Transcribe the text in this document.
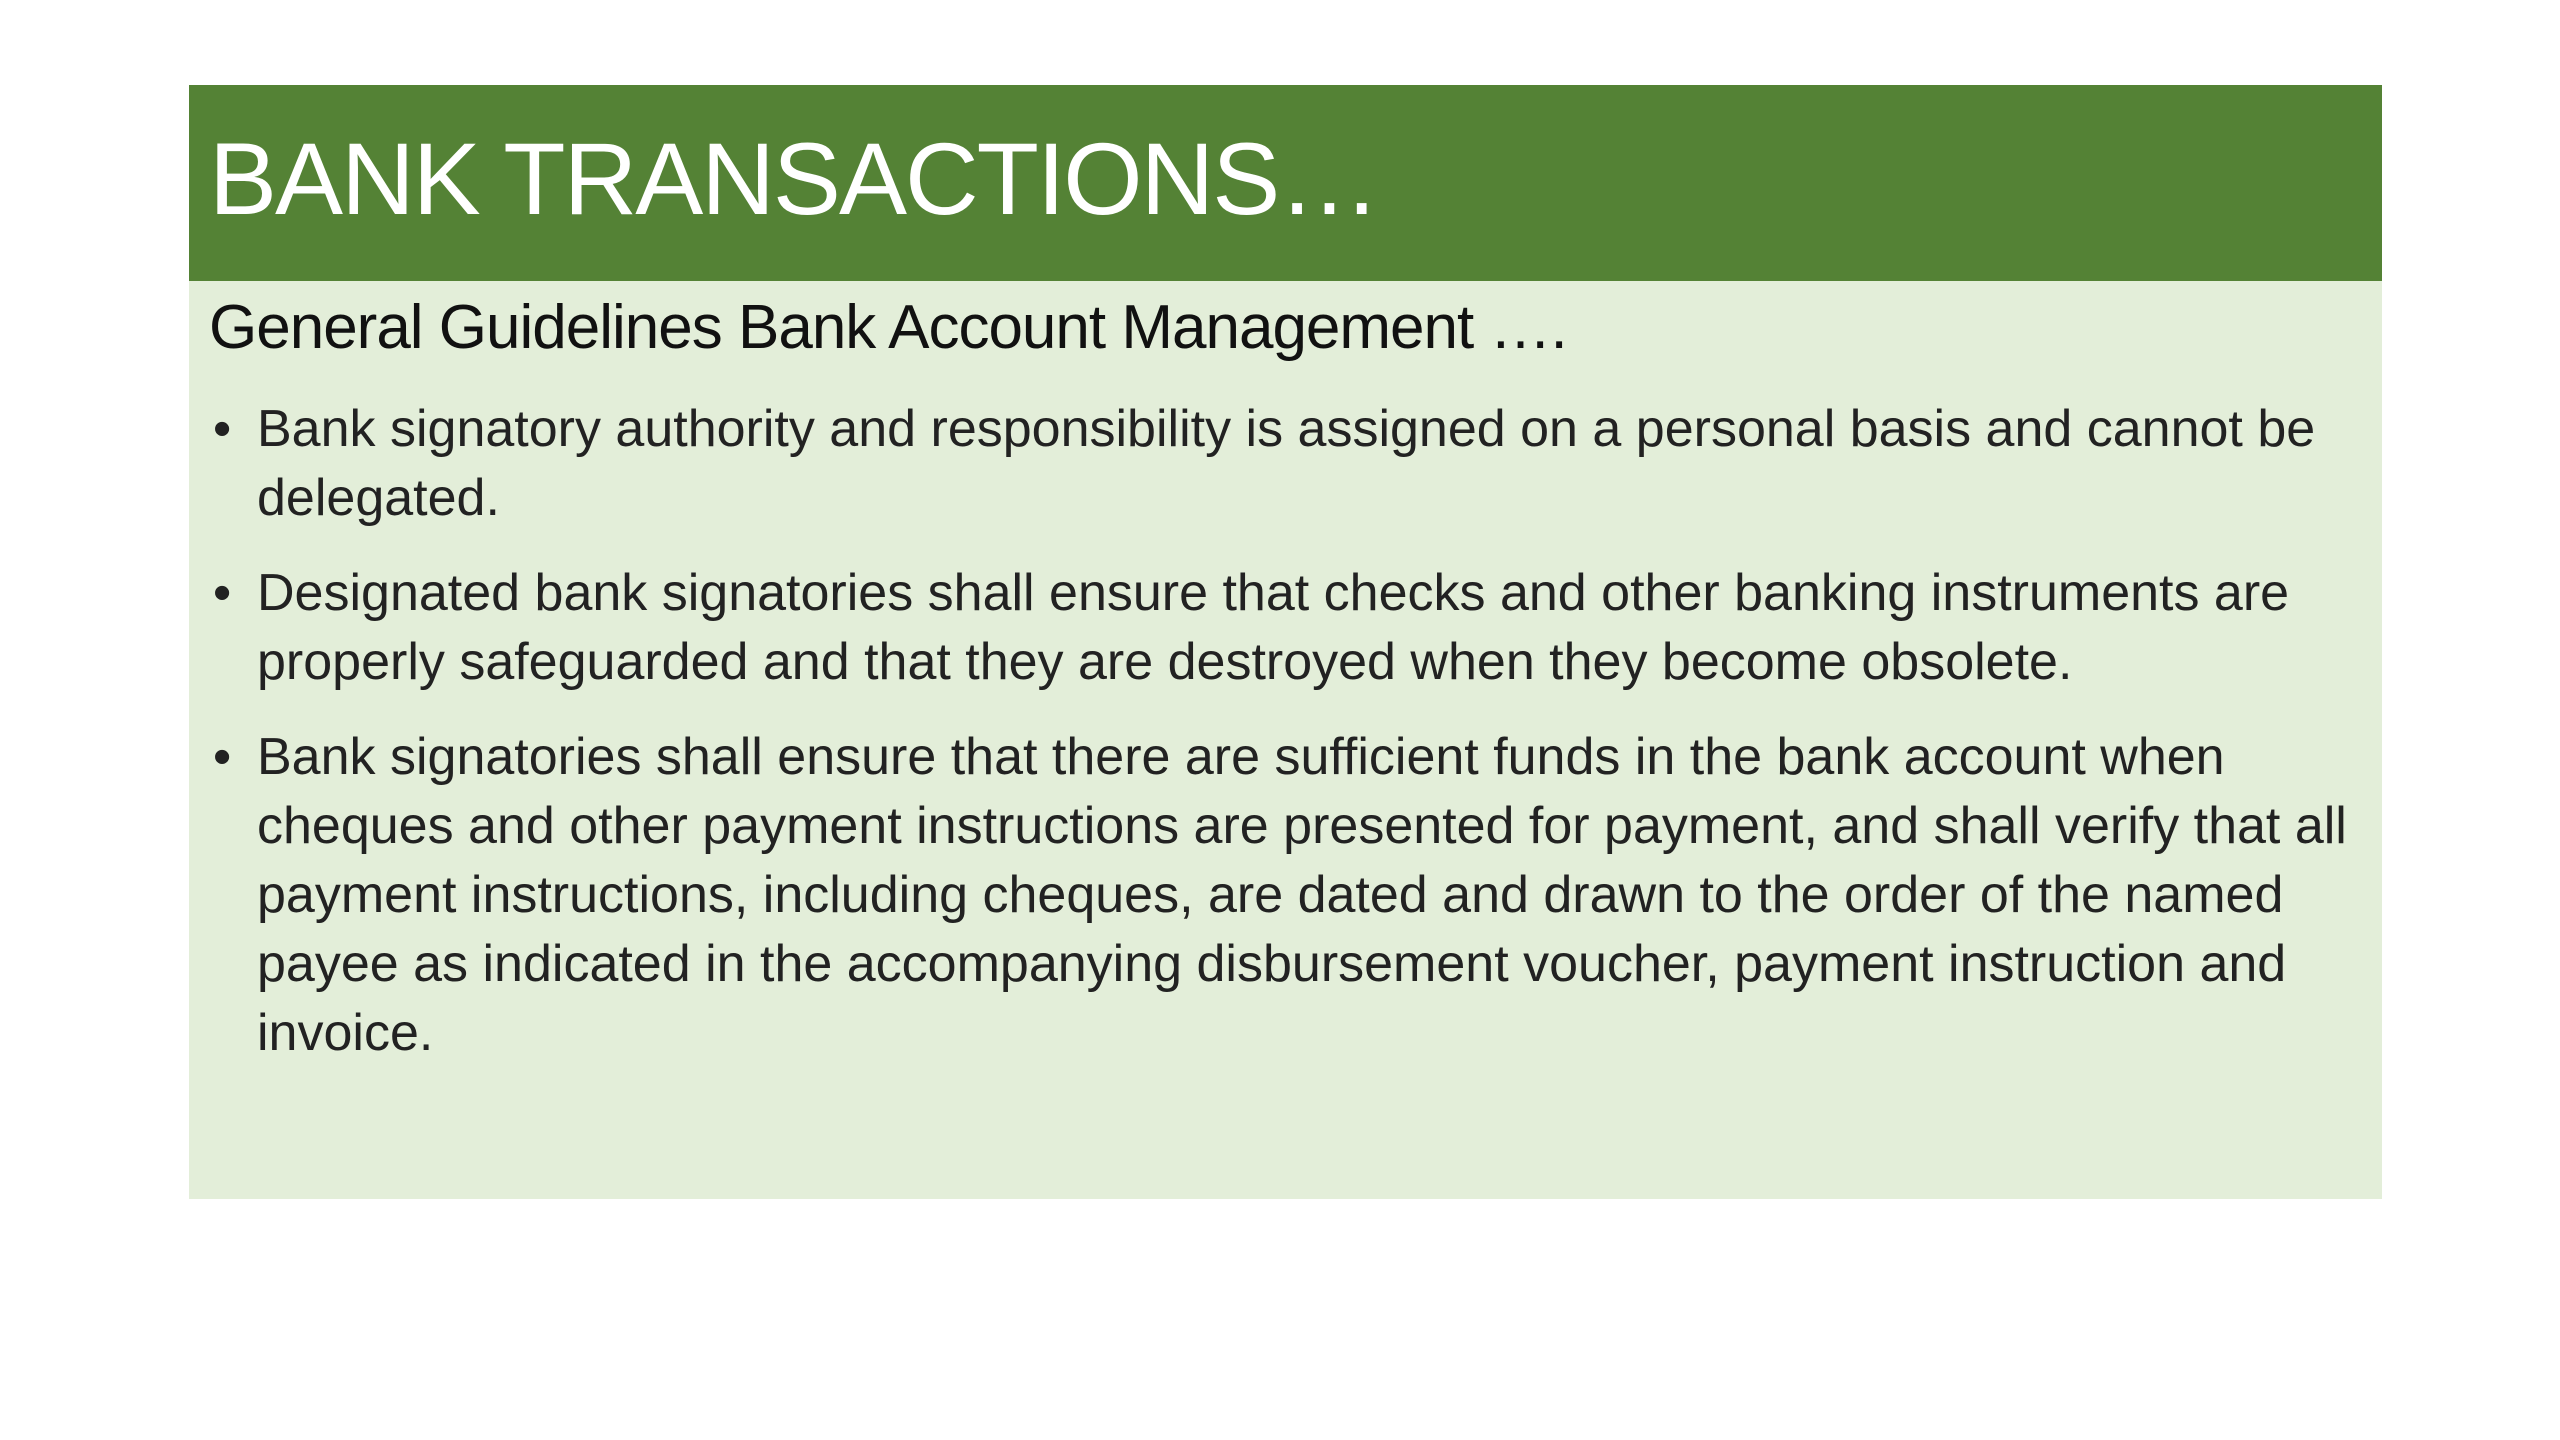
BANK TRANSACTIONS…
General Guidelines Bank Account Management ….
• Bank signatory authority and responsibility is assigned on a personal basis and cannot be delegated.
• Designated bank signatories shall ensure that checks and other banking instruments are properly safeguarded and that they are destroyed when they become obsolete.
• Bank signatories shall ensure that there are sufficient funds in the bank account when cheques and other payment instructions are presented for payment, and shall verify that all payment instructions, including cheques, are dated and drawn to the order of the named payee as indicated in the accompanying disbursement voucher, payment instruction and invoice.
